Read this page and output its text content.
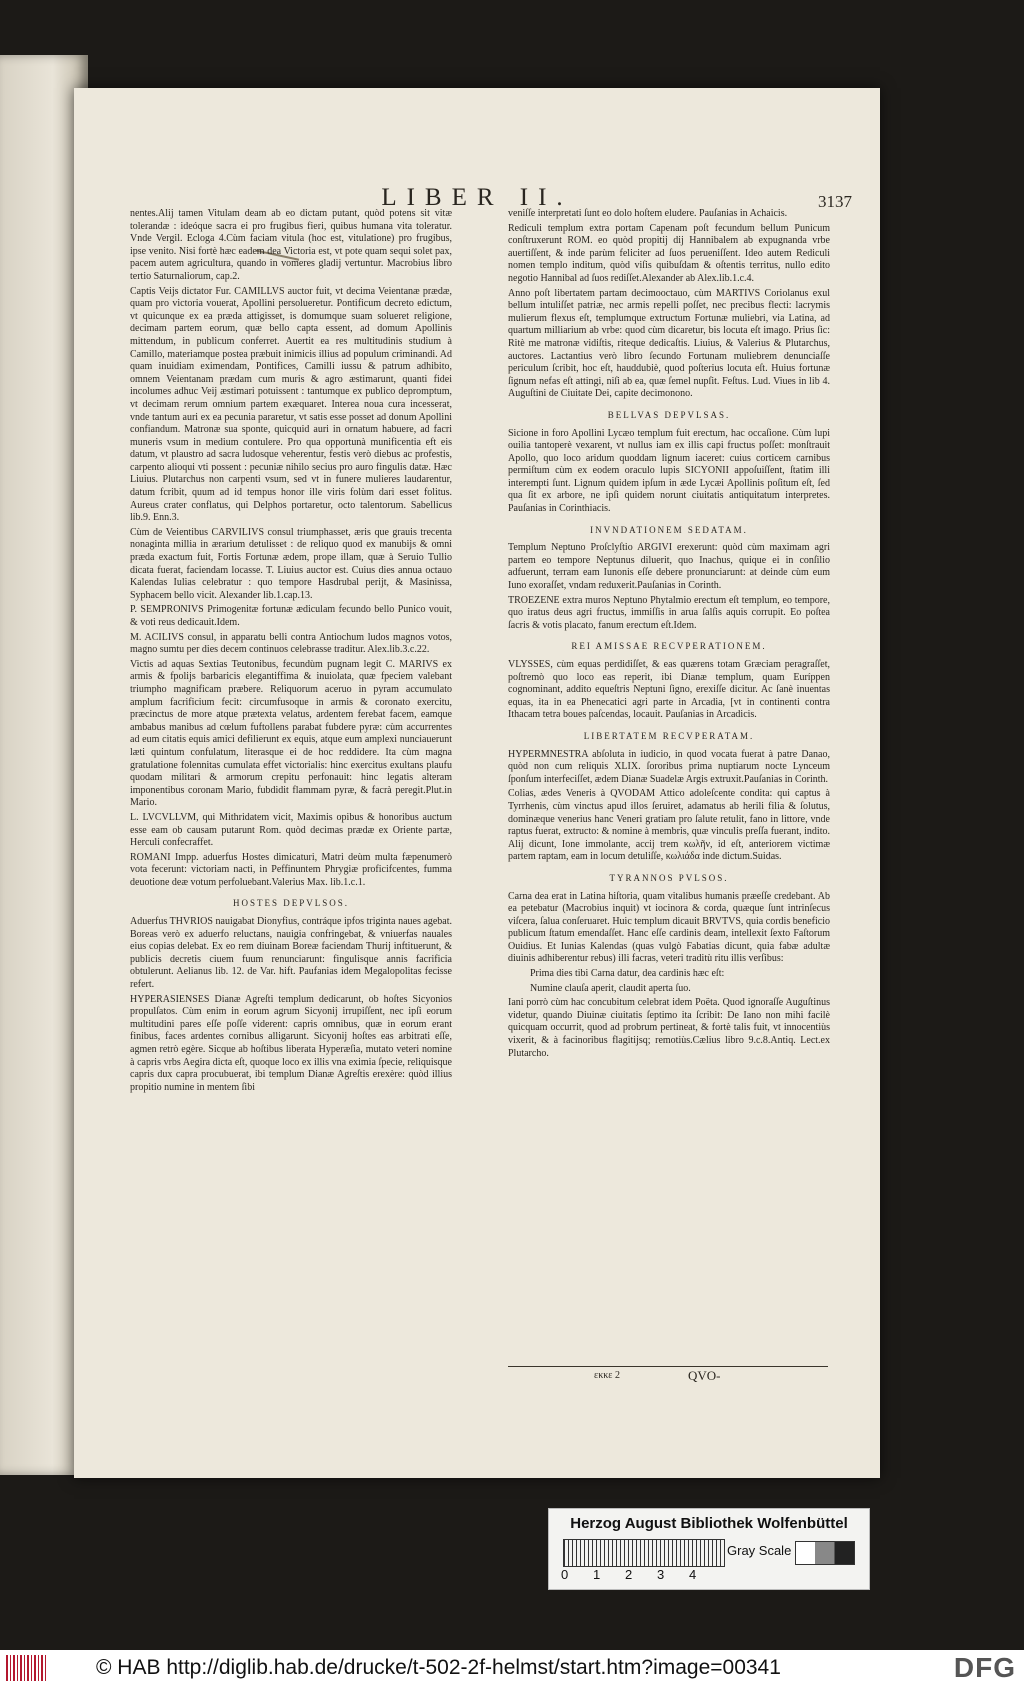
LIBER II.	3137

nentes.Alij tamen Vitulam deam ab eo dictam putant, quòd potens sit vitæ tolerandæ : ideóque sacra ei pro frugibus fieri, quibus humana vita toleratur. Vnde Vergil. Ecloga 4.Cùm faciam vitula (hoc est, vitulatione) pro frugibus, ipse venito. Nisi fortè hæc eadem dea Victoria est, vt pote quam sequi solet pax, pacem autem agricultura, quando in vomeres gladij vertuntur. Macrobius libro tertio Saturnaliorum, cap.2.

Captis Veijs dictator Fur. CAMILLVS auctor fuit, vt decima Veientanæ prædæ, quam pro victoria vouerat, Apollini persolueretur. Pontificum decreto edictum, vt quicunque ex ea præda attigisset, is domumque suam solueret religione, decimam partem eorum, quæ bello capta essent, ad domum Apollinis mittendum, in publicum conferret. Auertit ea res multitudinis studium à Camillo, materiamque postea præbuit inimicis illius ad populum criminandi. Ad quam inuidiam eximendam, Pontifices, Camilli iussu & patrum adhibito, omnem Veientanam prædam cum muris & agro æstimarunt, quanti fidei incolumes adhuc Veij æstimari potuissent : tantumque ex publico depromptum, vt decimam rerum omnium partem exæquaret. Interea noua cura incesserat, vnde tantum auri ex ea pecunia pararetur, vt satis esse posset ad donum Apollini confiandum. Matronæ sua sponte, quicquid auri in ornatum habuere, ad facri muneris vsum in medium contulere. Pro qua opportunà munificentia eft eis datum, vt plaustro ad sacra ludosque veherentur, festis verò diebus ac profestis, carpento alioqui vti possent : pecuniæ nihilo secius pro auro fingulis datæ. Hæc Liuius. Plutarchus non carpenti vsum, sed vt in funere mulieres laudarentur, datum fcribit, quum ad id tempus honor ille viris folùm dari esset folitus. Aureus crater conflatus, qui Delphos portaretur, octo talentorum. Sabellicus lib.9. Enn.3.

Cùm de Veientibus CARVILIVS consul triumphasset, æris que grauis trecenta nonaginta millia in ærarium detulisset : de reliquo quod ex manubijs & omni præda exactum fuit, Fortis Fortunæ ædem, prope illam, quæ à Seruio Tullio dicata fuerat, faciendam locasse. T. Liuius auctor est. Cuius dies annua octauo Kalendas Iulias celebratur : quo tempore Hasdrubal perijt, & Masinissa, Syphacem bello vicit. Alexander lib.1.cap.13.

P. SEMPRONIVS Primogenitæ fortunæ ædiculam fecundo bello Punico vouit, & voti reus dedicauit.Idem.

M. ACILIVS consul, in apparatu belli contra Antiochum ludos magnos votos, magno sumtu per dies decem continuos celebrasse traditur. Alex.lib.3.c.22.

Victis ad aquas Sextias Teutonibus, fecundùm pugnam legit C. MARIVS ex armis & fpolijs barbaricis elegantiffima & inuiolata, quæ fpeciem valebant triumpho magnificam præbere. Reliquorum aceruo in pyram accumulato amplum facrificium fecit: circumfusoque in armis & coronato exercitu, præcinctus de more atque prætexta velatus, ardentem ferebat facem, eamque ambabus manibus ad cœlum fuftollens parabat fubdere pyræ: cùm accurrentes ad eum citatis equis amici defilierunt ex equis, atque eum amplexi nunciauerunt læti quintum confulatum, literasque ei de hoc reddidere. Ita cùm magna gratulatione folennitas cumulata effet victorialis: hinc exercitus exultans plaufu quodam militari & armorum crepitu perfonauit: hinc legatis alteram imponentibus coronam Mario, fubdidit flammam pyræ, & facrà peregit.Plut.in Mario.

L. LVCVLLVM, qui Mithridatem vicit, Maximis opibus & honoribus auctum esse eam ob causam putarunt Rom. quòd decimas prædæ ex Oriente partæ, Herculi confecraffet.

ROMANI Impp. aduerfus Hostes dimicaturi, Matri deùm multa fæpenumerò vota fecerunt: victoriam nacti, in Peffinuntem Phrygiæ proficifcentes, fumma deuotione deæ votum perfoluebant.Valerius Max. lib.1.c.1.

HOSTES DEPVLSOS.

Aduerfus THVRIOS nauigabat Dionyfius, contráque ipfos triginta naues agebat. Boreas verò ex aduerfo reluctans, nauigia confringebat, & vniuerfas nauales eius copias delebat. Ex eo rem diuinam Boreæ faciendam Thurij inftituerunt, & publicis decretis ciuem fuum renunciarunt: fingulisque annis facrificia obtulerunt. Aelianus lib. 12. de Var. hift. Paufanias idem Megalopolitas fecisse refert.

HYPERASIENSES Dianæ Agreſti templum dedicarunt, ob hoſtes Sicyonios propulſatos. Cùm enim in eorum agrum Sicyonij irrupiſſent, nec ipſi eorum multitudini pares eſſe poſſe viderent: capris omnibus, quæ in eorum erant finibus, faces ardentes cornibus alligarunt. Sicyonij hoſtes eas arbitrati eſſe, agmen retrò egère. Sicque ab hoſtibus liberata Hyperæſia, mutato veteri nomine à capris vrbs Aegira dicta eſt, quoque loco ex illis vna eximia ſpecie, reliquisque capris dux capra procubuerat, ibi templum Dianæ Agreſtis erexère: quòd illius propitio numine in mentem ſibi

veniſſe interpretati ſunt eo dolo hoſtem eludere. Pauſanias in Achaicis.

Rediculi templum extra portam Capenam poſt fecundum bellum Punicum conſtruxerunt ROM. eo quòd propitij dij Hannibalem ab expugnanda vrbe auertiſſent, & inde parùm feliciter ad ſuos perueniſſent. Ideo autem Rediculi nomen templo inditum, quòd viſis quibuſdam & oſtentis territus, nullo edito negotio Hannibal ad ſuos rediſſet.Alexander ab Alex.lib.1.c.4.

Anno poſt libertatem partam decimooctauo, cùm MARTIVS Coriolanus exul bellum intuliſſet patriæ, nec armis repelli poſſet, nec precibus flecti: lacrymis mulierum flexus eſt, templumque extructum Fortunæ muliebri, via Latina, ad quartum milliarium ab vrbe: quod cùm dicaretur, bis locuta eſt imago. Prius ſic: Ritè me matronæ vidiſtis, riteque dedicaſtis. Liuius, & Valerius & Plutarchus, auctores. Lactantius verò libro ſecundo Fortunam muliebrem denunciaſſe periculum ſcribit, hoc eſt, hauddubiè, quod poſterius locuta eſt. Huius fortunæ ſignum nefas eſt attingi, niſi ab ea, quæ ſemel nupſit. Feſtus. Lud. Viues in lib 4. Auguſtini de Ciuitate Dei, capite decimonono.

BELLVAS DEPVLSAS.

Sicione in foro Apollini Lycæo templum fuit erectum, hac occaſione. Cùm lupi ouilia tantoperè vexarent, vt nullus iam ex illis capi fructus poſſet: monſtrauit Apollo, quo loco aridum quoddam lignum iaceret: cuius corticem carnibus permiſtum cùm ex eodem oraculo lupis SICYONII appoſuiſſent, ſtatim illi interempti ſunt. Lignum quidem ipſum in æde Lycæi Apollinis poſitum eſt, ſed qua ſit ex arbore, ne ipſi quidem norunt ciuitatis antiquitatum interpretes. Pauſanias in Corinthiacis.

INVNDATIONEM SEDATAM.

Templum Neptuno Proſclyſtio ARGIVI erexerunt: quòd cùm maximam agri partem eo tempore Neptunus diluerit, quo Inachus, quique ei in conſilio adfuerunt, terram eam Iunonis eſſe debere pronunciarunt: at deinde cùm eum Iuno exoraſſet, vndam reduxerit.Pauſanias in Corinth.

TROEZENE extra muros Neptuno Phytalmio erectum eſt templum, eo tempore, quo iratus deus agri fructus, immiſſis in arua ſalſis aquis corrupit. Eo poſtea ſacris & votis placato, fanum erectum eſt.Idem.

REI AMISSAE RECVPERATIONEM.

VLYSSES, cùm equas perdidiſſet, & eas quærens totam Græciam peragraſſet, poſtremò quo loco eas reperit, ibi Dianæ templum, quam Euríppen cognominant, addito equeſtris Neptuni ſigno, erexiſſe dicitur. Ac ſanè inuentas equas, ita in ea Phenecatici agri parte in Arcadia, [vt in continenti contra Ithacam tetra boues paſcendas, locauit. Pauſanias in Arcadicis.

LIBERTATEM RECVPERATAM.

HYPERMNESTRA abſoluta in iudicio, in quod vocata fuerat à patre Danao, quòd non cum reliquis XLIX. ſororibus prima nuptiarum nocte Lynceum ſponſum interfeciſſet, ædem Dianæ Suadelæ Argis extruxit.Pauſanias in Corinth.

Colias, ædes Veneris à QVODAM Attico adoleſcente condita: qui captus à Tyrrhenis, cùm vinctus apud illos ſeruiret, adamatus ab herili filia & ſolutus, dominæque venerius hanc Veneri gratiam pro ſalute retulit, fano in littore, vnde raptus fuerat, extructo: & nomine à membris, quæ vinculis preſſa fuerant, indito. Alij dicunt, Ione immolante, accij trem κωλῆν, id eſt, anteriorem victimæ partem raptam, eam in locum detuliſſe, κωλιάδα inde dictum.Suidas.

TYRANNOS PVLSOS.

Carna dea erat in Latina hiſtoria, quam vitalibus humanis præeſſe credebant. Ab ea petebatur (Macrobius inquit) vt iocinora & corda, quæque ſunt intrinſecus viſcera, ſalua conſeruaret. Huic templum dicauit BRVTVS, quia cordis beneficio publicum ſtatum emendaſſet. Hanc eſſe cardinis deam, intellexit ſexto Faſtorum Ouidius. Et Iunias Kalendas (quas vulgò Fabatias dicunt, quia fabæ adultæ diuinis adhiberentur rebus) illi facras, veteri traditù ritu illis verſibus:

Prima dies tibi Carna datur, dea cardinis hæc eſt:

Numine clauſa aperit, claudit aperta ſuo.

Iani porrò cùm hac concubitum celebrat idem Poëta. Quod ignoraſſe Auguſtinus videtur, quando Diuinæ ciuitatis ſeptimo ita ſcribit: De Iano non mihi facilè quicquam occurrit, quod ad probrum pertineat, & fortè talis fuit, vt innocentiùs vixerit, & à facinoribus flagitijsq; remotiùs.Cælius libro 9.c.8.Antiq. Lect.ex Plutarcho.

εκκε 2	QVO-
Herzog August Bibliothek Wolfenbüttel
0 1 2 3 4
Gray Scale
© HAB http://diglib.hab.de/drucke/t-502-2f-helmst/start.htm?image=00341	DFG
